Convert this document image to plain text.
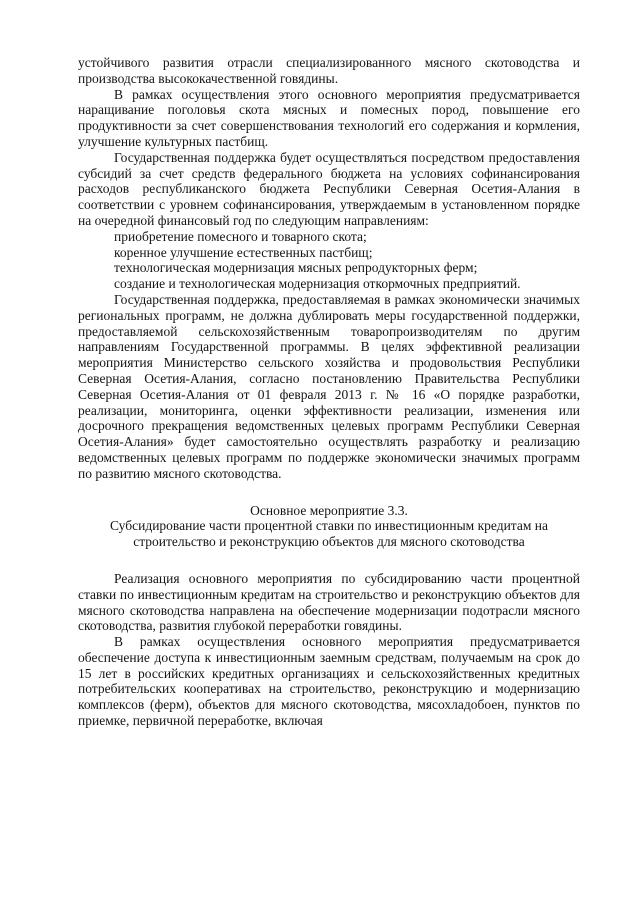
устойчивого развития отрасли специализированного мясного скотоводства и производства высококачественной говядины.

В рамках осуществления этого основного мероприятия предусматривается наращивание поголовья скота мясных и помесных пород, повышение его продуктивности за счет совершенствования технологий его содержания и кормления, улучшение культурных пастбищ.

Государственная поддержка будет осуществляться посредством предоставления субсидий за счет средств федерального бюджета на условиях софинансирования расходов республиканского бюджета Республики Северная Осетия-Алания в соответствии с уровнем софинансирования, утверждаемым в установленном порядке на очередной финансовый год по следующим направлениям:

приобретение помесного и товарного скота;

коренное улучшение естественных пастбищ;

технологическая модернизация мясных репродукторных ферм;

создание и технологическая модернизация откормочных предприятий.

Государственная поддержка, предоставляемая в рамках экономически значимых региональных программ, не должна дублировать меры государственной поддержки, предоставляемой сельскохозяйственным товаропроизводителям по другим направлениям Государственной программы. В целях эффективной реализации мероприятия Министерство сельского хозяйства и продовольствия Республики Северная Осетия-Алания, согласно постановлению Правительства Республики Северная Осетия-Алания от 01 февраля 2013 г. № 16 «О порядке разработки, реализации, мониторинга, оценки эффективности реализации, изменения или досрочного прекращения ведомственных целевых программ Республики Северная Осетия-Алания» будет самостоятельно осуществлять разработку и реализацию ведомственных целевых программ по поддержке экономически значимых программ по развитию мясного скотоводства.

Основное мероприятие 3.3.
Субсидирование части процентной ставки по инвестиционным кредитам на
строительство и реконструкцию объектов для мясного скотоводства

Реализация основного мероприятия по субсидированию части процентной ставки по инвестиционным кредитам на строительство и реконструкцию объектов для мясного скотоводства направлена на обеспечение модернизации подотрасли мясного скотоводства, развития глубокой переработки говядины.

В рамках осуществления основного мероприятия предусматривается обеспечение доступа к инвестиционным заемным средствам, получаемым на срок до 15 лет в российских кредитных организациях и сельскохозяйственных кредитных потребительских кооперативах на строительство, реконструкцию и модернизацию комплексов (ферм), объектов для мясного скотоводства, мясохладобоен, пунктов по приемке, первичной переработке, включая
